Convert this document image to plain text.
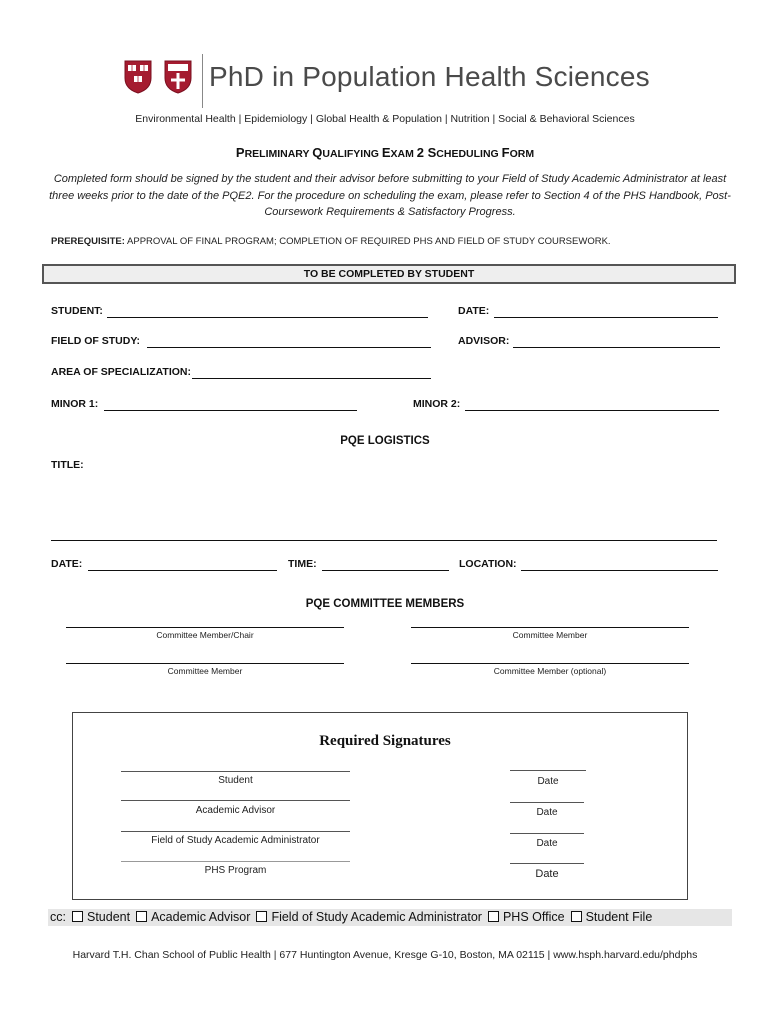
PhD in Population Health Sciences
Environmental Health | Epidemiology | Global Health & Population | Nutrition | Social & Behavioral Sciences
PRELIMINARY QUALIFYING EXAM 2 SCHEDULING FORM
Completed form should be signed by the student and their advisor before submitting to your Field of Study Academic Administrator at least three weeks prior to the date of the PQE2. For the procedure on scheduling the exam, please refer to Section 4 of the PHS Handbook, Post-Coursework Requirements & Satisfactory Progress.
PREREQUISITE: APPROVAL OF FINAL PROGRAM; COMPLETION OF REQUIRED PHS AND FIELD OF STUDY COURSEWORK.
TO BE COMPLETED BY STUDENT
STUDENT:	DATE:
FIELD OF STUDY:	ADVISOR:
AREA OF SPECIALIZATION:
MINOR 1:	MINOR 2:
PQE LOGISTICS
TITLE:
DATE:	TIME:	LOCATION:
PQE COMMITTEE MEMBERS
Committee Member/Chair	Committee Member
Committee Member	Committee Member (optional)
Required Signatures
Student	Date
Academic Advisor	Date
Field of Study Academic Administrator	Date
PHS Program	Date
cc: Student Academic Advisor Field of Study Academic Administrator PHS Office Student File
Harvard T.H. Chan School of Public Health | 677 Huntington Avenue, Kresge G-10, Boston, MA 02115 | www.hsph.harvard.edu/phdphs
